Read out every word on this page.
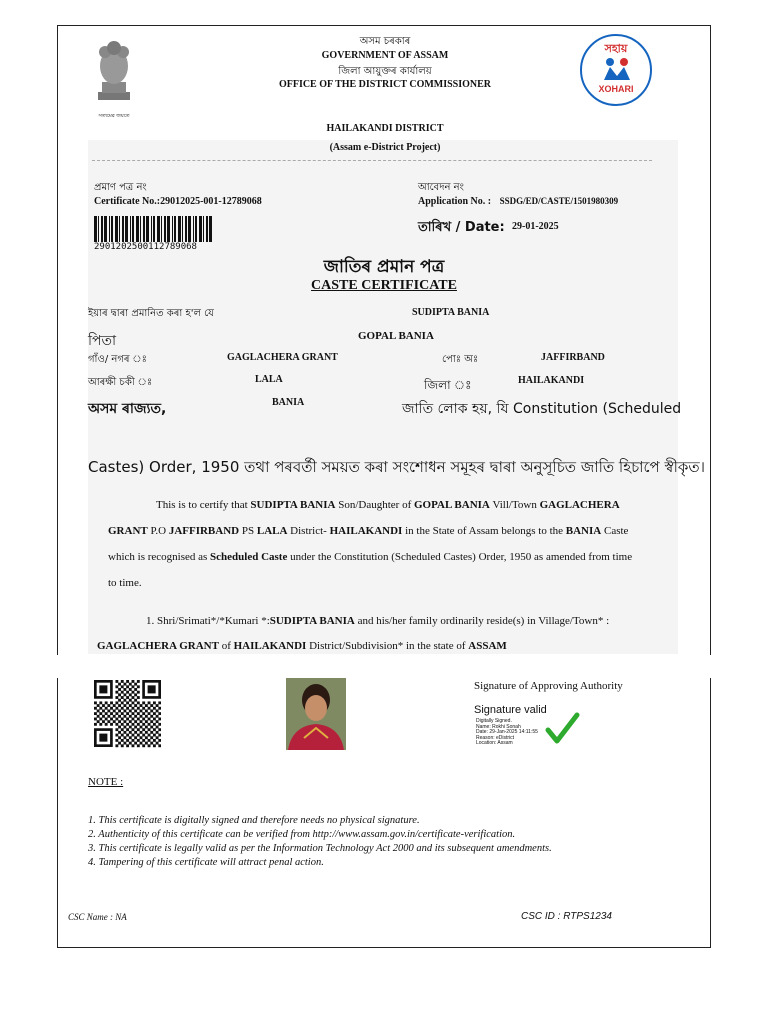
সত্যমেৱ জয়তে
অসম চৰকাৰ
GOVERNMENT OF ASSAM
জিলা আয়ুক্তৰ কাৰ্যালয়
OFFICE OF THE DISTRICT COMMISSIONER
HAILAKANDI DISTRICT
(Assam e-District Project)
সহায়
XOHARI
প্ৰমাণ পত্ৰ নং
Certificate No.:29012025-001-12789068
2901202500112789068
আবেদন নং
Application No. : SSDG/ED/CASTE/1501980309
তাৰিখ / Date: 29-01-2025
জাতিৰ প্ৰমান পত্ৰ
CASTE CERTIFICATE
ইয়াৰ দ্বাৰা প্ৰমানিত কৰা হ'ল যে	SUDIPTA BANIA
পিতা	GOPAL BANIA
গাঁও/ নগৰ ঃ	GAGLACHERA GRANT	পোঃ অঃ	JAFFIRBAND
আৰক্ষী চকী ঃ	LALA	জিলা ঃ	HAILAKANDI
অসম ৰাজ্যত,	BANIA	জাতি লোক হয়, যি Constitution (Scheduled
Castes) Order, 1950 তথা পৰবৰ্তী সময়ত কৰা সংশোধন সমূহৰ দ্বাৰা অনুসূচিত জাতি হিচাপে স্বীকৃত।
This is to certify that SUDIPTA BANIA Son/Daughter of GOPAL BANIA Vill/Town GAGLACHERA
GRANT P.O JAFFIRBAND PS LALA District- HAILAKANDI in the State of Assam belongs to the BANIA Caste
which is recognised as Scheduled Caste under the Constitution (Scheduled Castes) Order, 1950 as amended from time
to time.
1. Shri/Srimati*/*Kumari *:SUDIPTA BANIA and his/her family ordinarily reside(s) in Village/Town* :
GAGLACHERA GRANT of HAILAKANDI District/Subdivision* in the state of ASSAM
Signature of Approving Authority
Signature valid
Digitally Signed.
Name: Rokhi Sonah
Date: 29-Jan-2025 14:11:55
Reason: eDistrict
Location: Assam
NOTE :
1. This certificate is digitally signed and therefore needs no physical signature.
2. Authenticity of this certificate can be verified from http://www.assam.gov.in/certificate-verification.
3. This certificate is legally valid as per the Information Technology Act 2000 and its subsequent amendments.
4. Tampering of this certificate will attract penal action.
CSC Name : NA	CSC ID : RTPS1234
